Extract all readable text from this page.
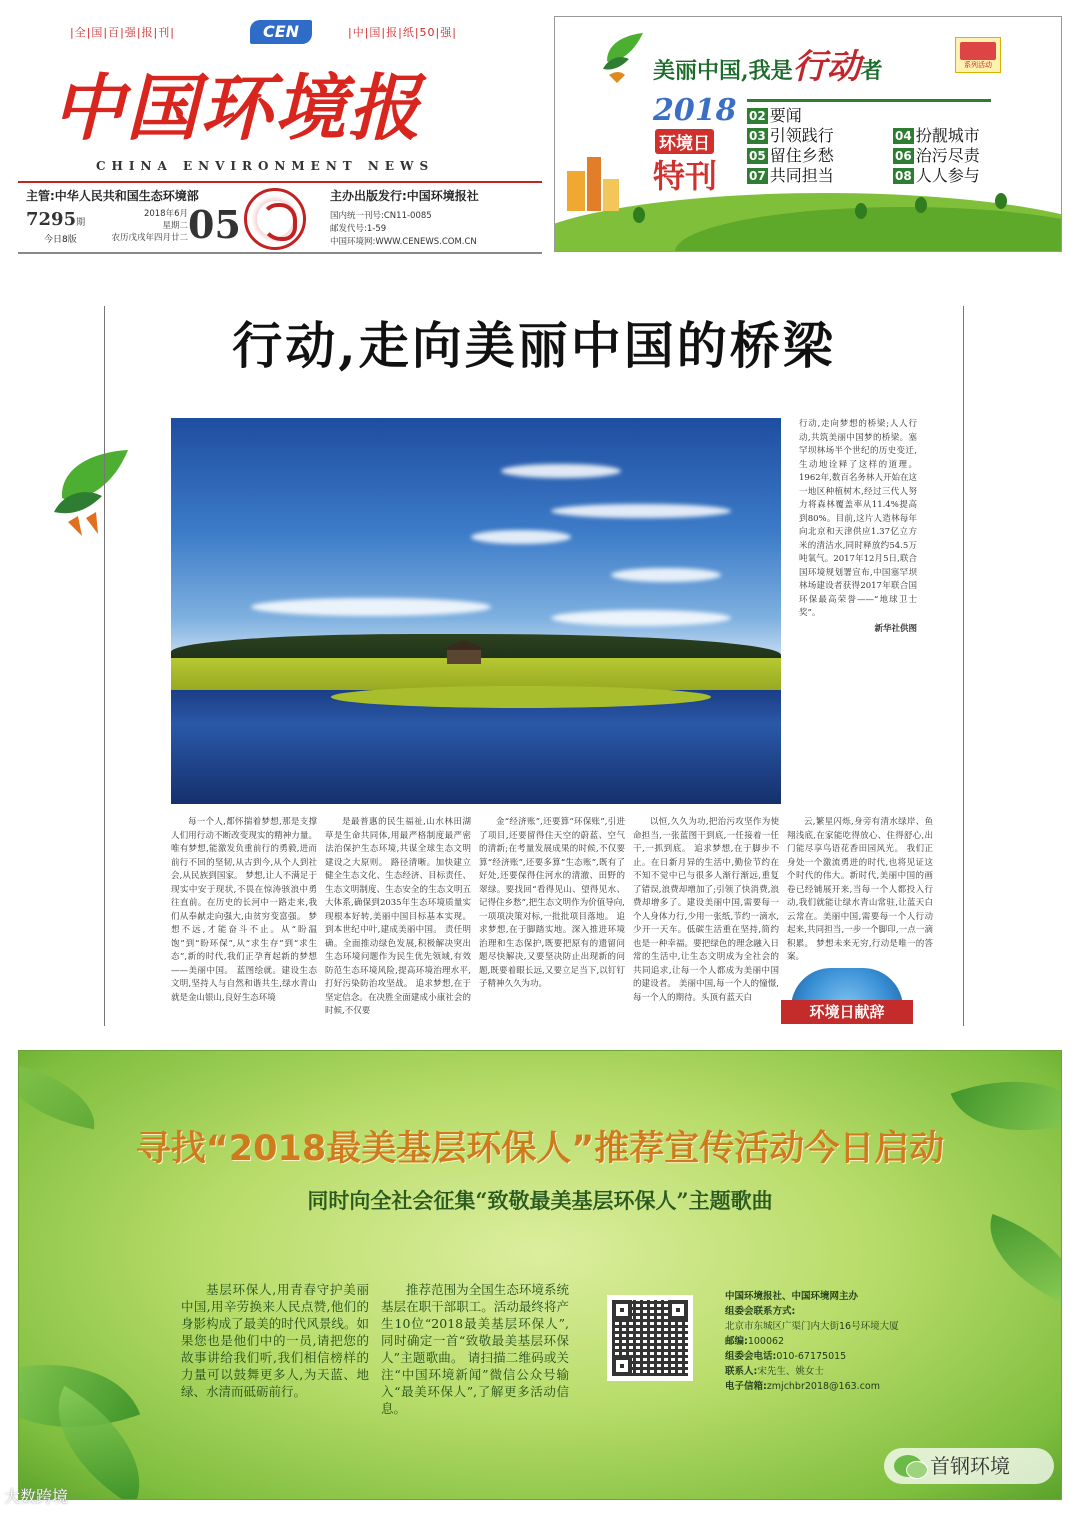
|全|国|百|强|报|刊|	CEN	|中|国|报|纸|50|强|
中国环境报
CHINA ENVIRONMENT NEWS
主管:中华人民共和国生态环境部
7295期
今日8版
2018年6月
星期二
农历戊戌年四月廿二 05
主办出版发行:中国环境报社
国内统一刊号:CN11-0085
邮发代号:1-59
中国环境网:WWW.CENEWS.COM.CN
美丽中国,我是行动者	系列活动
2018
环境日
特刊
02 要闻
03 引领践行	04 扮靓城市
05 留住乡愁	06 治污尽责
07 共同担当	08 人人参与
行动,走向美丽中国的桥梁
行动,走向梦想的桥梁;人人行动,共筑美丽中国梦的桥梁。塞罕坝林场半个世纪的历史变迁,生动地诠释了这样的道理。 1962年,数百名务林人开始在这一地区种植树木,经过三代人努力将森林覆盖率从11.4%提高到80%。目前,这片人造林每年向北京和天津供应1.37亿立方米的清洁水,同时释放约54.5万吨氧气。2017年12月5日,联合国环境规划署宣布,中国塞罕坝林场建设者获得2017年联合国环保最高荣誉——“地球卫士奖”。
新华社供图
每一个人,都怀揣着梦想,那是支撑人们用行动不断改变现实的精神力量。唯有梦想,能激发负重前行的勇毅,进而前行不回的坚韧,从古到今,从个人到社会,从民族到国家。 梦想,让人不满足于现实中安于现状,不畏在惊涛骇浪中勇往直前。在历史的长河中一路走来,我们从奉献走向强大,由贫穷变富强。 梦想不远,才能奋斗不止。从“盼温饱”到“盼环保”,从“求生存”到“求生态”,新的时代,我们正孕育起新的梦想——美丽中国。 蓝图绘就。建设生态文明,坚持人与自然和谐共生,绿水青山就是金山银山,良好生态环境
是最普惠的民生福祉,山水林田湖草是生命共同体,用最严格制度最严密法治保护生态环境,共谋全球生态文明建设之大原则。 路径清晰。加快建立健全生态文化、生态经济、目标责任、生态文明制度、生态安全的生态文明五大体系,确保到2035年生态环境质量实现根本好转,美丽中国目标基本实现。到本世纪中叶,建成美丽中国。 责任明确。全面推动绿色发展,积极解决突出生态环境问题作为民生优先领域,有效防范生态环境风险,提高环境治理水平,打好污染防治攻坚战。 追求梦想,在于坚定信念。在决胜全面建成小康社会的时候,不仅要
金“经济账”,还要算“环保账”,引进了项目,还要留得住天空的蔚蓝、空气的清新;在考量发展成果的时候,不仅要算“经济账”,还要多算“生态账”,既有了好处,还要保得住河水的清澈、田野的翠绿。要找回“看得见山、望得见水、记得住乡愁”,把生态文明作为价值导向,一项项决策对标,一批批项目落地。 追求梦想,在于脚踏实地。深入推进环境治理和生态保护,既要把原有的遗留问题尽快解决,又要坚决防止出现新的问题,既要着眼长远,又要立足当下,以钉钉子精神久久为功。
以恒,久久为功,把治污攻坚作为使命担当,一张蓝图干到底,一任接着一任干,一抓到底。 追求梦想,在于脚步不止。在日新月异的生活中,勤俭节约在不知不觉中已与很多人渐行渐远,重复了错误,浪费却增加了;引领了快消费,浪费却增多了。建设美丽中国,需要每一个人身体力行,少用一张纸,节约一滴水,少开一天车。低碳生活重在坚持,简约也是一种幸福。要把绿色的理念融入日常的生活中,让生态文明成为全社会的共同追求,让每一个人都成为美丽中国的建设者。 美丽中国,每一个人的憧憬,每一个人的期待。头顶有蓝天白
云,繁星闪烁,身旁有清水绿岸、鱼翔浅底,在家能吃得放心、住得舒心,出门能尽享鸟语花香田园风光。 我们正身处一个激流勇进的时代,也将见证这个时代的伟大。新时代,美丽中国的画卷已经铺展开来,当每一个人都投入行动,我们就能让绿水青山常驻,让蓝天白云常在。美丽中国,需要每一个人行动起来,共同担当,一步一个脚印,一点一滴积累。 梦想未来无穷,行动是唯一的答案。
环境日献辞
寻找“2018最美基层环保人”推荐宣传活动今日启动
同时向全社会征集“致敬最美基层环保人”主题歌曲
基层环保人,用青春守护美丽中国,用辛劳换来人民点赞,他们的身影构成了最美的时代风景线。如果您也是他们中的一员,请把您的故事讲给我们听,我们相信榜样的力量可以鼓舞更多人,为天蓝、地绿、水清而砥砺前行。
推荐范围为全国生态环境系统基层在职干部职工。活动最终将产生10位“2018最美基层环保人”,同时确定一首“致敬最美基层环保人”主题歌曲。 请扫描二维码或关注“中国环境新闻”微信公众号输入“最美环保人”,了解更多活动信息。
中国环境报社、中国环境网主办
组委会联系方式:
北京市东城区广渠门内大街16号环境大厦
邮编:100062
组委会电话:010-67175015
联系人:宋先生、姚女士
电子信箱:zmjchbr2018@163.com
首钢环境
大数跨境
